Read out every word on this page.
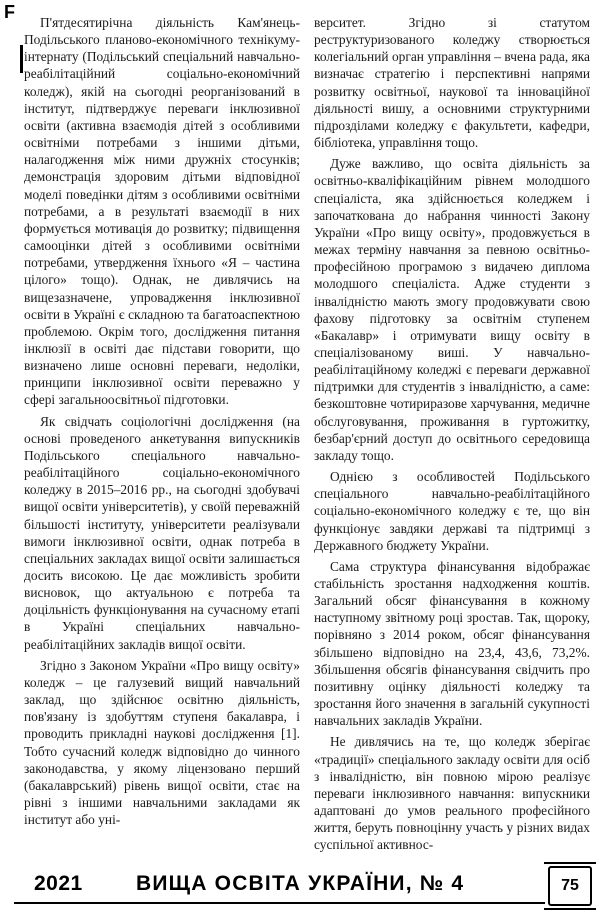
F

П'ятдесятирічна діяльність Кам'янець-Подільського планово-економічного технікуму-інтернату (Подільський спеціальний навчально-реабілітаційний соціально-економічний коледж), якій на сьогодні реорганізований в інститут, підтверджує переваги інклюзивної освіти (активна взаємодія дітей з особливими освітніми потребами з іншими дітьми, налагодження між ними дружніх стосунків; демонстрація здоровим дітьми відповідної моделі поведінки дітям з особливими освітніми потребами, а в результаті взаємодії в них формується мотивація до розвитку; підвищення самооцінки дітей з особливими освітніми потребами, утвердження їхнього «Я – частина цілого» тощо). Однак, не дивлячись на вищезазначене, упровадження інклюзивної освіти в Україні є складною та багатоаспектною проблемою. Окрім того, дослідження питання інклюзії в освіті дає підстави говорити, що визначено лише основні переваги, недоліки, принципи інклюзивної освіти переважно у сфері загальноосвітньої підготовки.

Як свідчать соціологічні дослідження (на основі проведеного анкетування випускників Подільського спеціального навчально-реабілітаційного соціально-економічного коледжу в 2015–2016 рр., на сьогодні здобувачі вищої освіти університетів), у своїй переважній більшості інституту, університети реалізували вимоги інклюзивної освіти, однак потреба в спеціальних закладах вищої освіти залишається досить високою. Це дає можливість зробити висновок, що актуальною є потреба та доцільність функціонування на сучасному етапі в Україні спеціальних навчально-реабілітаційних закладів вищої освіти.

Згідно з Законом України «Про вищу освіту» коледж – це галузевий вищий навчальний заклад, що здійснює освітню діяльність, пов'язану із здобуттям ступеня бакалавра, і проводить прикладні наукові дослідження [1]. Тобто сучасний коледж відповідно до чинного законодавства, у якому ліцензовано перший (бакалаврський) рівень вищої освіти, стає на рівні з іншими навчальними закладами як інститут або уні-

верситет. Згідно зі статутом реструктуризованого коледжу створюється колегіальний орган управління – вчена рада, яка визначає стратегію і перспективні напрями розвитку освітньої, наукової та інноваційної діяльності вишу, а основними структурними підрозділами коледжу є факультети, кафедри, бібліотека, управління тощо.

Дуже важливо, що освіта діяльність за освітньо-кваліфікаційним рівнем молодшого спеціаліста, яка здійснюється коледжем і започаткована до набрання чинності Закону України «Про вищу освіту», продовжується в межах терміну навчання за певною освітньо-професійною програмою з видачею диплома молодшого спеціаліста. Адже студенти з інвалідністю мають змогу продовжувати свою фахову підготовку за освітнім ступенем «Бакалавр» і отримувати вищу освіту в спеціалізованому виші. У навчально-реабілітаційному коледжі є переваги державної підтримки для студентів з інвалідністю, а саме: безкоштовне чотириразове харчування, медичне обслуговування, проживання в гуртожитку, безбар'єрний доступ до освітнього середовища закладу тощо.

Однією з особливостей Подільського спеціального навчально-реабілітаційного соціально-економічного коледжу є те, що він функціонує завдяки державі та підтримці з Державного бюджету України.

Сама структура фінансування відображає стабільність зростання надходження коштів. Загальний обсяг фінансування в кожному наступному звітному році зростав. Так, щороку, порівняно з 2014 роком, обсяг фінансування збільшено відповідно на 23,4, 43,6, 73,2%. Збільшення обсягів фінансування свідчить про позитивну оцінку діяльності коледжу та зростання його значення в загальній сукупності навчальних закладів України.

Не дивлячись на те, що коледж зберігає «традиції» спеціального закладу освіти для осіб з інвалідністю, він повною мірою реалізує переваги інклюзивного навчання: випускники адаптовані до умов реального професійного життя, беруть повноцінну участь у різних видах суспільної активнос-

2021	ВИЩА ОСВІТА УКРАЇНИ, № 4	75
